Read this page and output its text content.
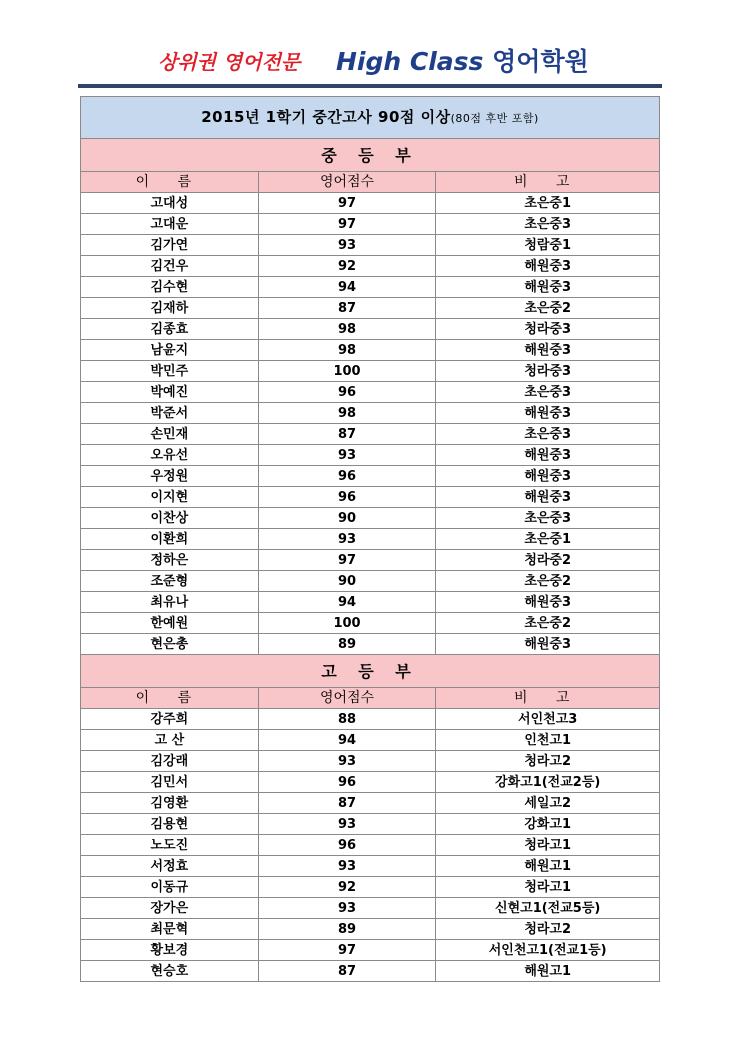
상위권 영어전문 High Class 영어학원
2015년 1학기 중간고사 90점 이상(80점 후반 포함)		
중 등 부		
이 름	영어점수	비 고
고대성	97	초은중1
고대운	97	초은중3
김가연	93	청람중1
김건우	92	해원중3
김수현	94	해원중3
김재하	87	초은중2
김종효	98	청라중3
남윤지	98	해원중3
박민주	100	청라중3
박예진	96	초은중3
박준서	98	해원중3
손민재	87	초은중3
오유선	93	해원중3
우정원	96	해원중3
이지현	96	해원중3
이찬상	90	초은중3
이환희	93	초은중1
정하은	97	청라중2
조준형	90	초은중2
최유나	94	해원중3
한예원	100	초은중2
현은총	89	해원중3
고 등 부		
이 름	영어점수	비 고
강주희	88	서인천고3
고 산	94	인천고1
김강래	93	청라고2
김민서	96	강화고1(전교2등)
김영환	87	세일고2
김용현	93	강화고1
노도진	96	청라고1
서정효	93	해원고1
이동규	92	청라고1
장가은	93	신현고1(전교5등)
최문혁	89	청라고2
황보경	97	서인천고1(전교1등)
현승호	87	해원고1
